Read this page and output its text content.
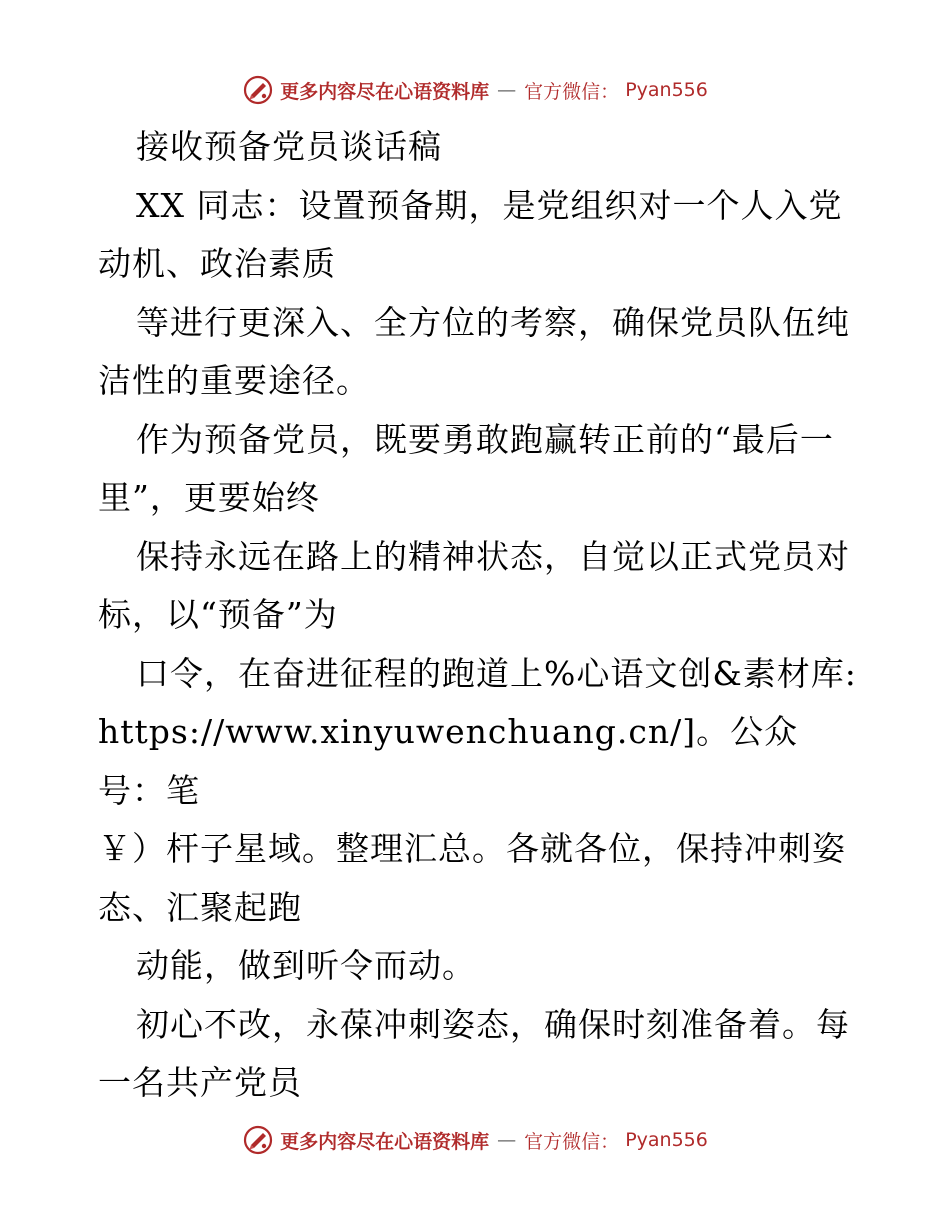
更多内容尽在心语资料库 — 官方微信： Pyan556

接收预备党员谈话稿

XX 同志：设置预备期，是党组织对一个人入党

动机、政治素质

等进行更深入、全方位的考察，确保党员队伍纯

洁性的重要途径。

作为预备党员，既要勇敢跑赢转正前的“最后一

里”，更要始终

保持永远在路上的精神状态，自觉以正式党员对

标，以“预备”为

口令，在奋进征程的跑道上%心语文创&素材库:

https://www.xinyuwenchuang.cn/]。公众号：笔

￥）杆子星域。整理汇总。各就各位，保持冲刺姿

态、汇聚起跑

动能，做到听令而动。

初心不改，永葆冲刺姿态，确保时刻准备着。每

一名共产党员

更多内容尽在心语资料库 — 官方微信： Pyan556
